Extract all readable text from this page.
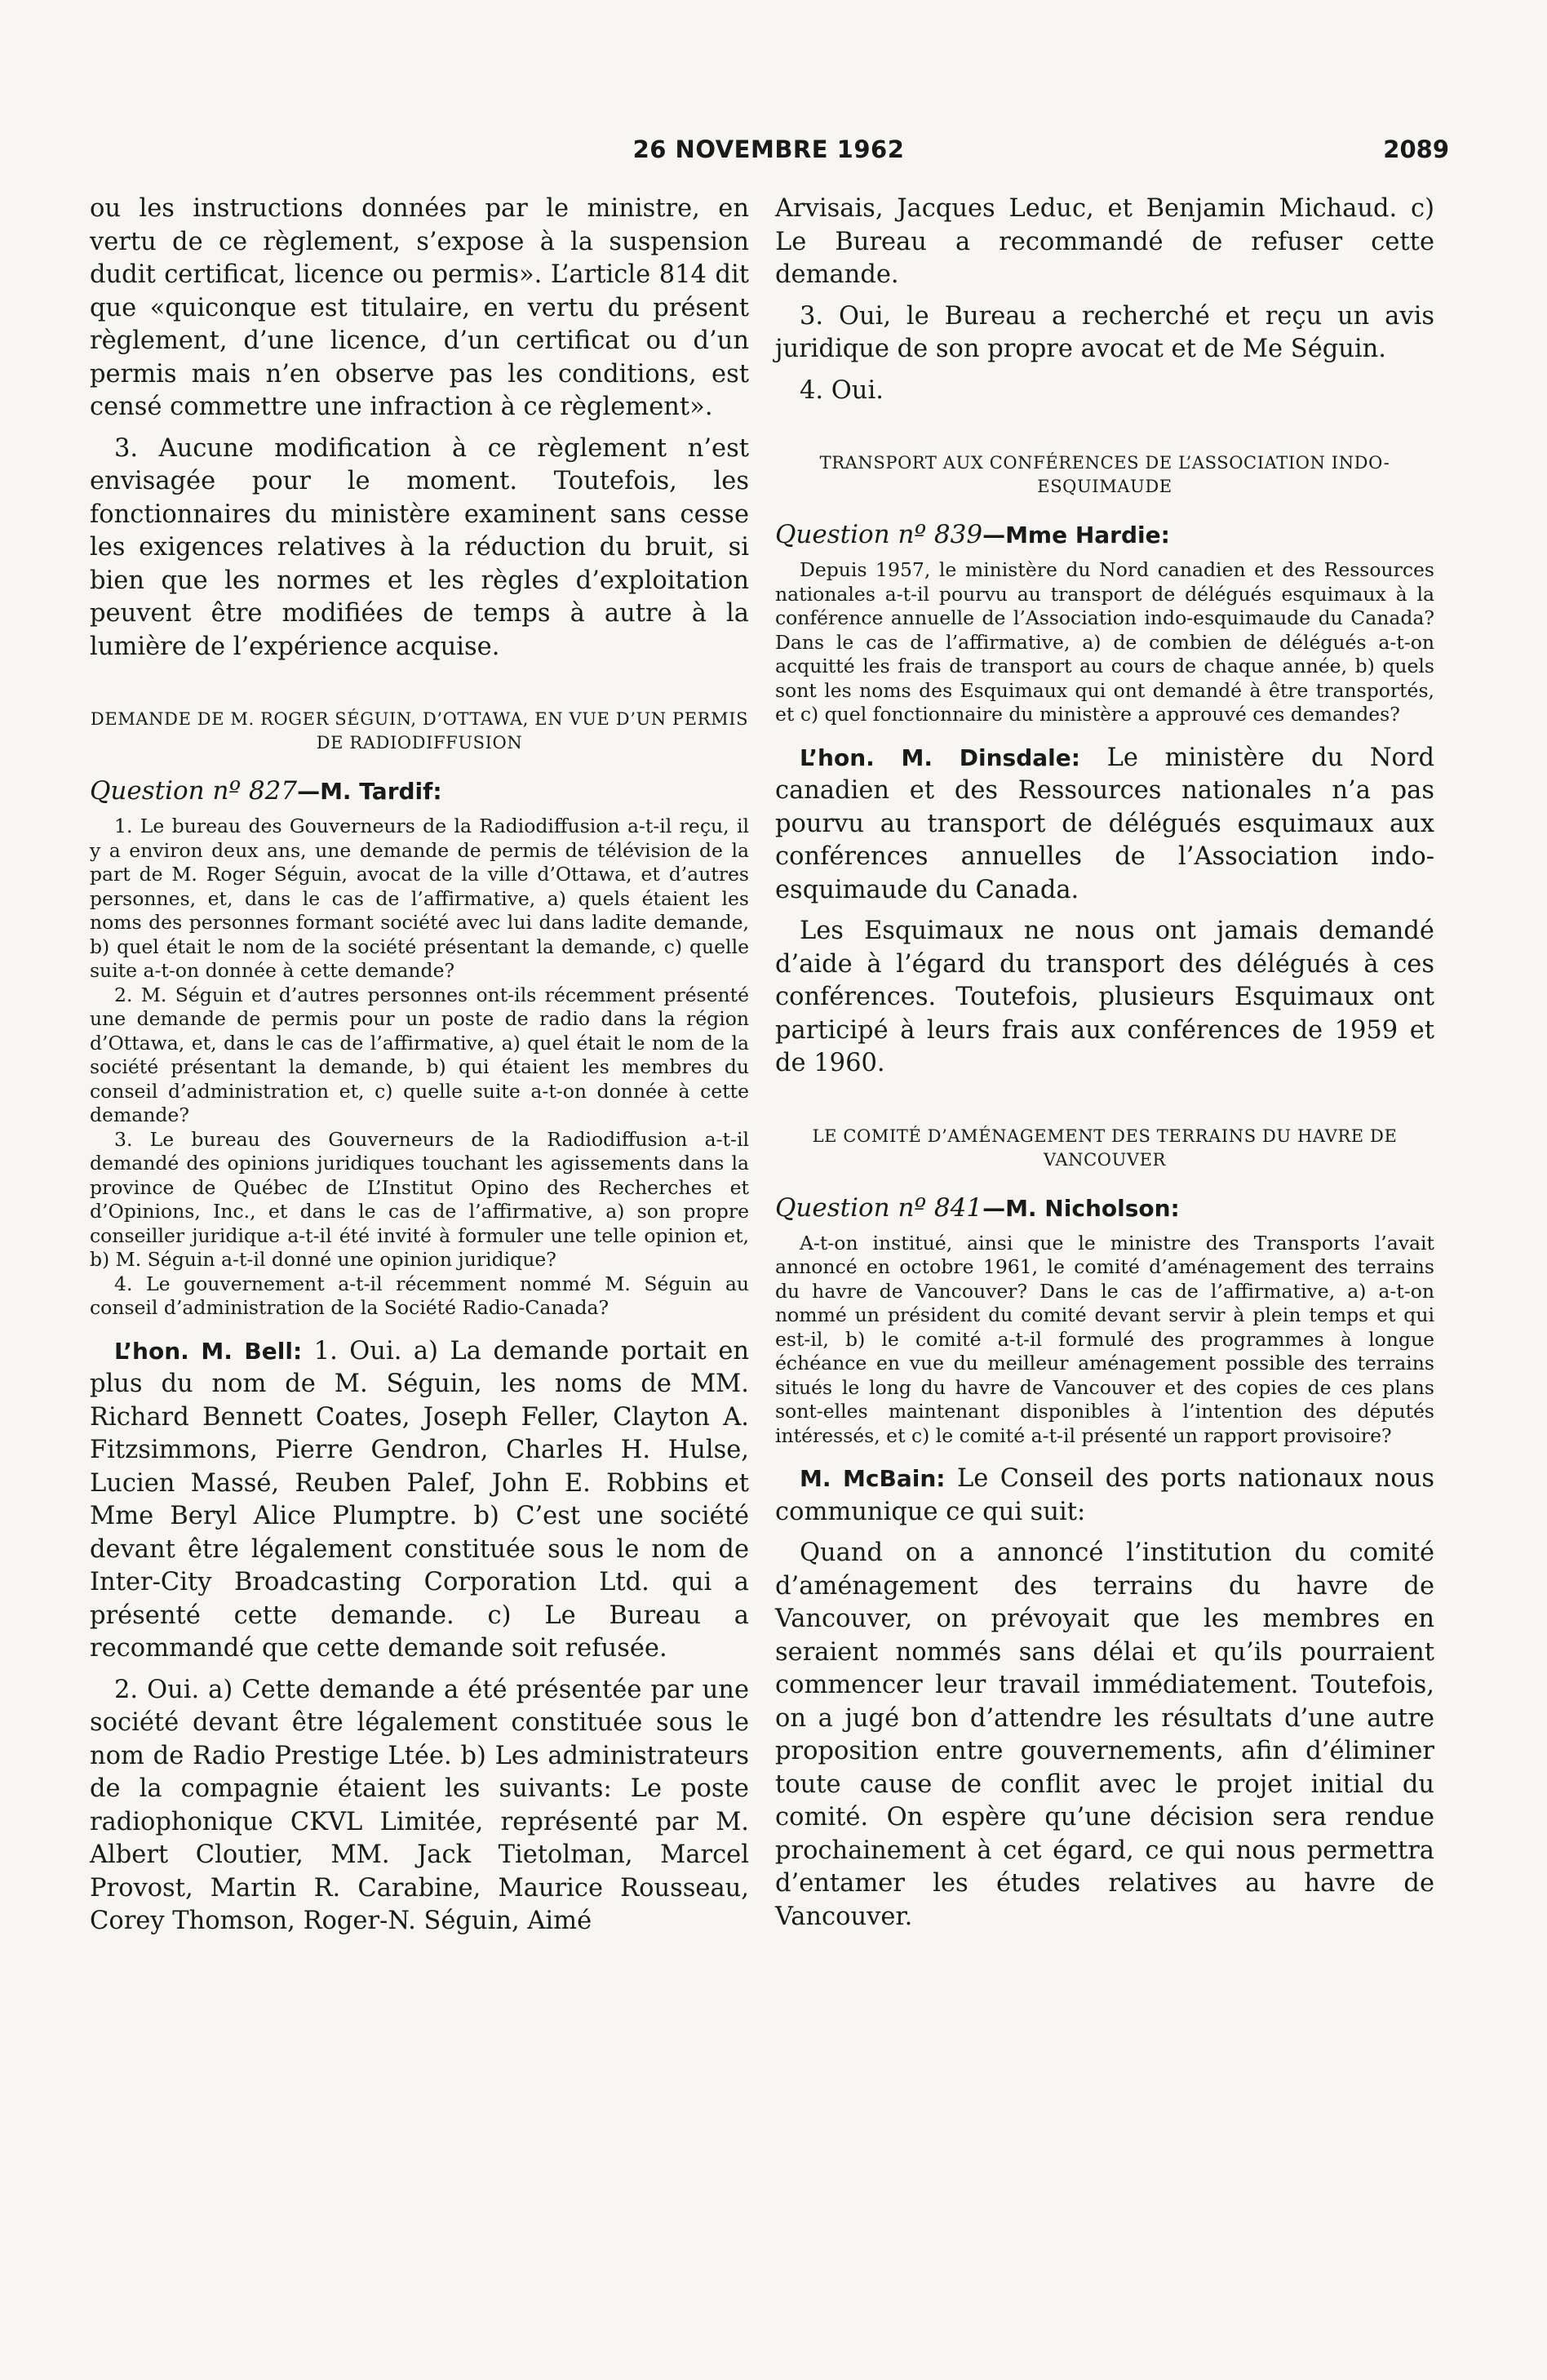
26 NOVEMBRE 1962	2089

ou les instructions données par le ministre, en vertu de ce règlement, s’expose à la suspension dudit certificat, licence ou permis». L’article 814 dit que «quiconque est titulaire, en vertu du présent règlement, d’une licence, d’un certificat ou d’un permis mais n’en observe pas les conditions, est censé commettre une infraction à ce règlement».

3. Aucune modification à ce règlement n’est envisagée pour le moment. Toutefois, les fonctionnaires du ministère examinent sans cesse les exigences relatives à la réduction du bruit, si bien que les normes et les règles d’exploitation peuvent être modifiées de temps à autre à la lumière de l’expérience acquise.

DEMANDE DE M. ROGER SÉGUIN, D’OTTAWA, EN VUE D’UN PERMIS DE RADIODIFFUSION
Question nº 827—M. Tardif:

1. Le bureau des Gouverneurs de la Radiodiffusion a-t-il reçu, il y a environ deux ans, une demande de permis de télévision de la part de M. Roger Séguin, avocat de la ville d’Ottawa, et d’autres personnes, et, dans le cas de l’affirmative, a) quels étaient les noms des personnes formant société avec lui dans ladite demande, b) quel était le nom de la société présentant la demande, c) quelle suite a-t-on donnée à cette demande?

2. M. Séguin et d’autres personnes ont-ils récemment présenté une demande de permis pour un poste de radio dans la région d’Ottawa, et, dans le cas de l’affirmative, a) quel était le nom de la société présentant la demande, b) qui étaient les membres du conseil d’administration et, c) quelle suite a-t-on donnée à cette demande?

3. Le bureau des Gouverneurs de la Radiodiffusion a-t-il demandé des opinions juridiques touchant les agissements dans la province de Québec de L’Institut Opino des Recherches et d’Opinions, Inc., et dans le cas de l’affirmative, a) son propre conseiller juridique a-t-il été invité à formuler une telle opinion et, b) M. Séguin a-t-il donné une opinion juridique?

4. Le gouvernement a-t-il récemment nommé M. Séguin au conseil d’administration de la Société Radio-Canada?

L’hon. M. Bell: 1. Oui. a) La demande portait en plus du nom de M. Séguin, les noms de MM. Richard Bennett Coates, Joseph Feller, Clayton A. Fitzsimmons, Pierre Gendron, Charles H. Hulse, Lucien Massé, Reuben Palef, John E. Robbins et Mme Beryl Alice Plumptre. b) C’est une société devant être légalement constituée sous le nom de Inter-City Broadcasting Corporation Ltd. qui a présenté cette demande. c) Le Bureau a recommandé que cette demande soit refusée.

2. Oui. a) Cette demande a été présentée par une société devant être légalement constituée sous le nom de Radio Prestige Ltée. b) Les administrateurs de la compagnie étaient les suivants: Le poste radiophonique CKVL Limitée, représenté par M. Albert Cloutier, MM. Jack Tietolman, Marcel Provost, Martin R. Carabine, Maurice Rousseau, Corey Thomson, Roger-N. Séguin, Aimé

Arvisais, Jacques Leduc, et Benjamin Michaud. c) Le Bureau a recommandé de refuser cette demande.

3. Oui, le Bureau a recherché et reçu un avis juridique de son propre avocat et de Me Séguin.

4. Oui.

TRANSPORT AUX CONFÉRENCES DE L’ASSOCIATION INDO-ESQUIMAUDE
Question nº 839—Mme Hardie:

Depuis 1957, le ministère du Nord canadien et des Ressources nationales a-t-il pourvu au transport de délégués esquimaux à la conférence annuelle de l’Association indo-esquimaude du Canada? Dans le cas de l’affirmative, a) de combien de délégués a-t-on acquitté les frais de transport au cours de chaque année, b) quels sont les noms des Esquimaux qui ont demandé à être transportés, et c) quel fonctionnaire du ministère a approuvé ces demandes?

L’hon. M. Dinsdale: Le ministère du Nord canadien et des Ressources nationales n’a pas pourvu au transport de délégués esquimaux aux conférences annuelles de l’Association indo-esquimaude du Canada.

Les Esquimaux ne nous ont jamais demandé d’aide à l’égard du transport des délégués à ces conférences. Toutefois, plusieurs Esquimaux ont participé à leurs frais aux conférences de 1959 et de 1960.

LE COMITÉ D’AMÉNAGEMENT DES TERRAINS DU HAVRE DE VANCOUVER
Question nº 841—M. Nicholson:

A-t-on institué, ainsi que le ministre des Transports l’avait annoncé en octobre 1961, le comité d’aménagement des terrains du havre de Vancouver? Dans le cas de l’affirmative, a) a-t-on nommé un président du comité devant servir à plein temps et qui est-il, b) le comité a-t-il formulé des programmes à longue échéance en vue du meilleur aménagement possible des terrains situés le long du havre de Vancouver et des copies de ces plans sont-elles maintenant disponibles à l’intention des députés intéressés, et c) le comité a-t-il présenté un rapport provisoire?

M. McBain: Le Conseil des ports nationaux nous communique ce qui suit:

Quand on a annoncé l’institution du comité d’aménagement des terrains du havre de Vancouver, on prévoyait que les membres en seraient nommés sans délai et qu’ils pourraient commencer leur travail immédiatement. Toutefois, on a jugé bon d’attendre les résultats d’une autre proposition entre gouvernements, afin d’éliminer toute cause de conflit avec le projet initial du comité. On espère qu’une décision sera rendue prochainement à cet égard, ce qui nous permettra d’entamer les études relatives au havre de Vancouver.
